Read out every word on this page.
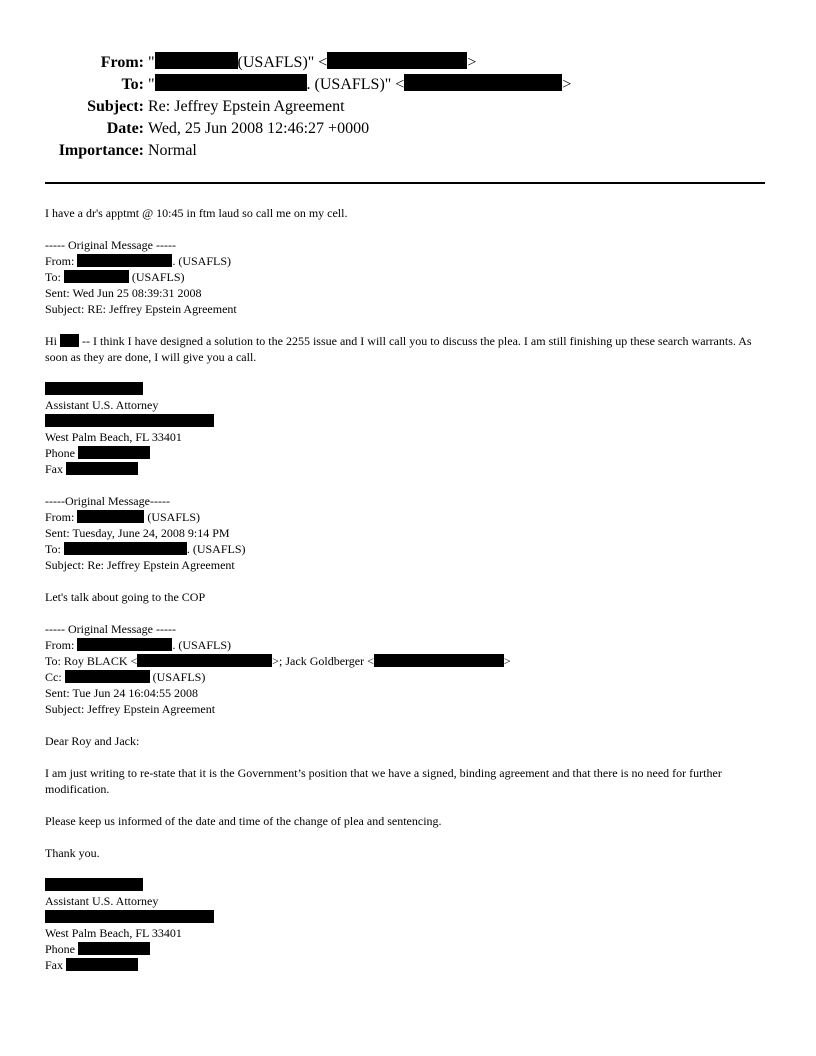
From: "	(USAFLS)" <	>
To: "	. (USAFLS)" <	>
Subject: Re: Jeffrey Epstein Agreement
Date: Wed, 25 Jun 2008 12:46:27 +0000
Importance: Normal
I have a dr's apptmt @ 10:45 in ftm laud so call me on my cell.
----- Original Message -----
From:	. (USAFLS)
To:	(USAFLS)
Sent: Wed Jun 25 08:39:31 2008
Subject: RE: Jeffrey Epstein Agreement
Hi  -- I think I have designed a solution to the 2255 issue and I will call you to discuss the plea. I am still finishing up these search warrants. As soon as they are done, I will give you a call.
Assistant U.S. Attorney
West Palm Beach, FL 33401
Phone
Fax
-----Original Message-----
From:	(USAFLS)
Sent: Tuesday, June 24, 2008 9:14 PM
To:	. (USAFLS)
Subject: Re: Jeffrey Epstein Agreement
Let's talk about going to the COP
----- Original Message -----
From:	. (USAFLS)
To: Roy BLACK <	>; Jack Goldberger <	>
Cc:	(USAFLS)
Sent: Tue Jun 24 16:04:55 2008
Subject: Jeffrey Epstein Agreement
Dear Roy and Jack:
I am just writing to re-state that it is the Government’s position that we have a signed, binding agreement and that there is no need for further modification.
Please keep us informed of the date and time of the change of plea and sentencing.
Thank you.
Assistant U.S. Attorney
West Palm Beach, FL 33401
Phone
Fax
